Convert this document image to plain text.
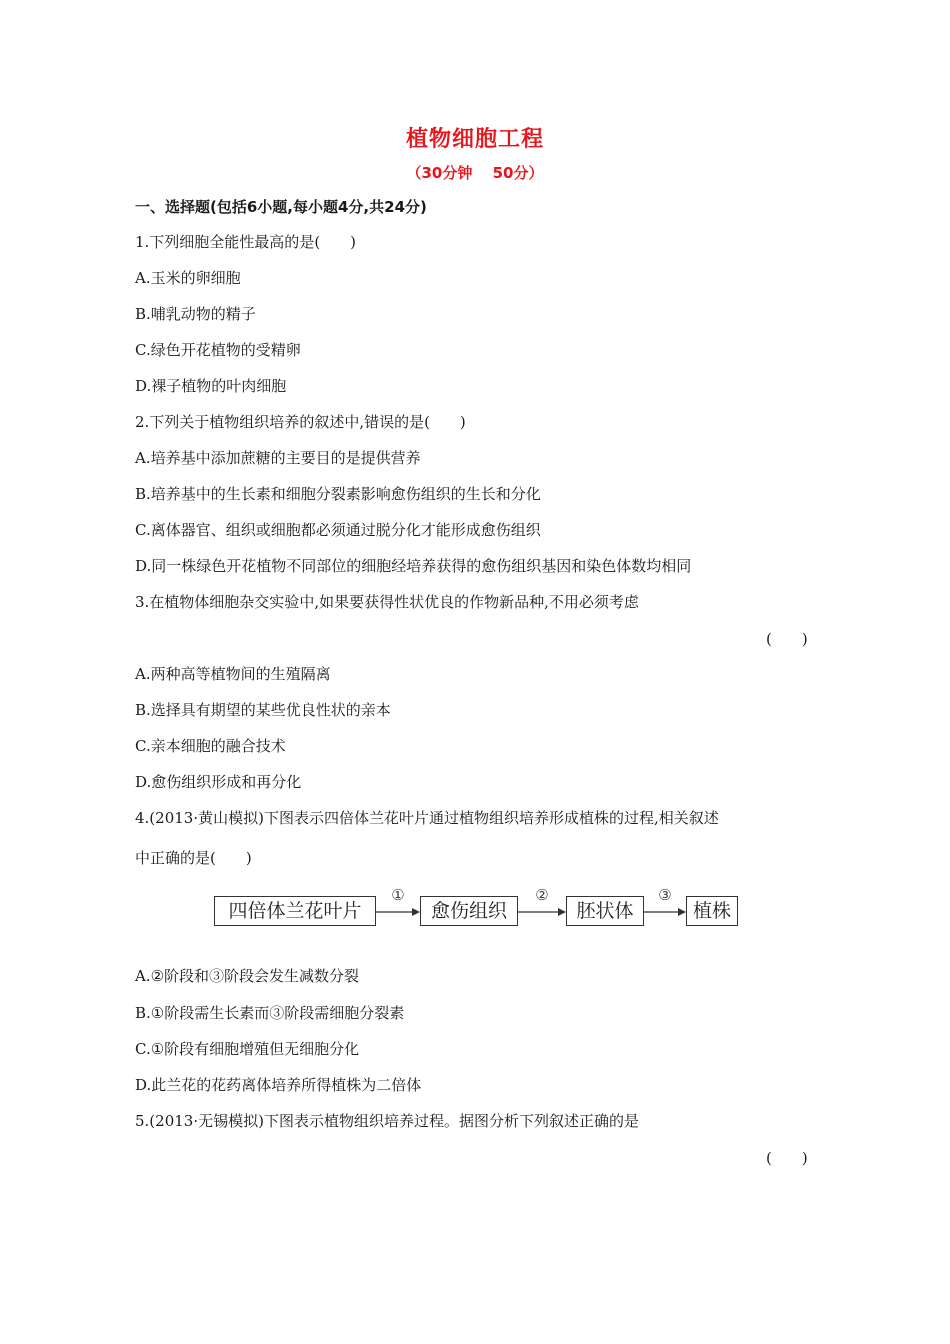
植物细胞工程
（30分钟　 50分）
一、选择题(包括6小题,每小题4分,共24分)
1.下列细胞全能性最高的是(　　)
A.玉米的卵细胞
B.哺乳动物的精子
C.绿色开花植物的受精卵
D.裸子植物的叶肉细胞
2.下列关于植物组织培养的叙述中,错误的是(　　)
A.培养基中添加蔗糖的主要目的是提供营养
B.培养基中的生长素和细胞分裂素影响愈伤组织的生长和分化
C.离体器官、组织或细胞都必须通过脱分化才能形成愈伤组织
D.同一株绿色开花植物不同部位的细胞经培养获得的愈伤组织基因和染色体数均相同
3.在植物体细胞杂交实验中,如果要获得性状优良的作物新品种,不用必须考虑
(　　)
A.两种高等植物间的生殖隔离
B.选择具有期望的某些优良性状的亲本
C.亲本细胞的融合技术
D.愈伤组织形成和再分化
4.(2013·黄山模拟)下图表示四倍体兰花叶片通过植物组织培养形成植株的过程,相关叙述
中正确的是(　　)
四倍体兰花叶片
①
愈伤组织
②
胚状体
③
植株
A.②阶段和③阶段会发生减数分裂
B.①阶段需生长素而③阶段需细胞分裂素
C.①阶段有细胞增殖但无细胞分化
D.此兰花的花药离体培养所得植株为二倍体
5.(2013·无锡模拟)下图表示植物组织培养过程。据图分析下列叙述正确的是
(　　)
